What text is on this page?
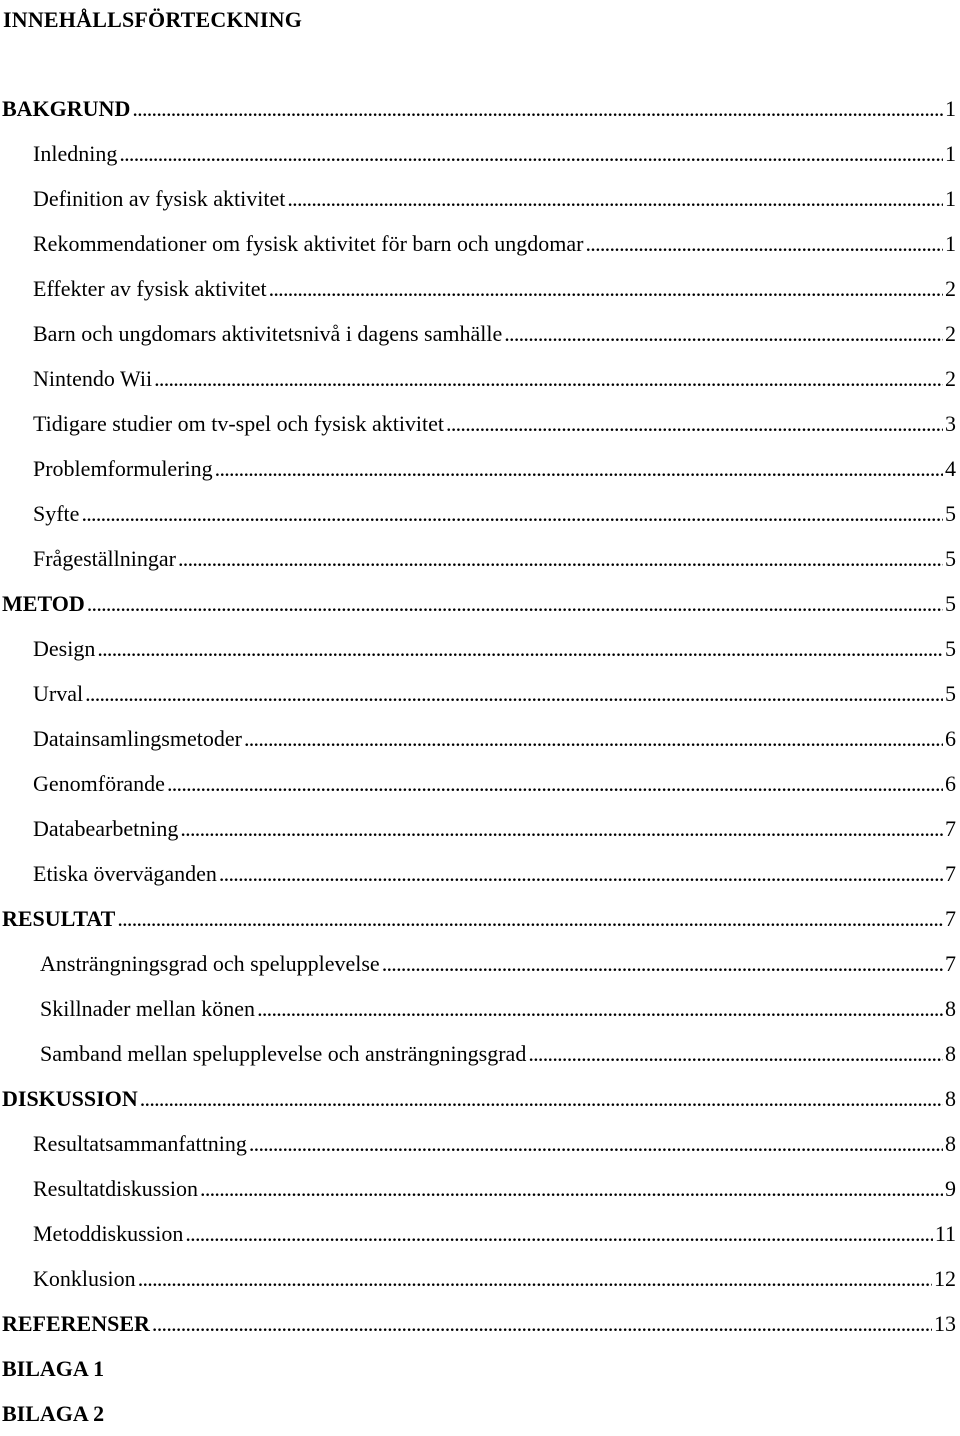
INNEHÅLLSFÖRTECKNING
BAKGRUND . . .	1
Inledning . . .	1
Definition av fysisk aktivitet . . .	1
Rekommendationer om fysisk aktivitet för barn och ungdomar . . .	1
Effekter av fysisk aktivitet . . .	2
Barn och ungdomars aktivitetsnivå i dagens samhälle . . .	2
Nintendo Wii . . .	2
Tidigare studier om tv-spel och fysisk aktivitet . . .	3
Problemformulering . . .	4
Syfte . . .	5
Frågeställningar . . .	5
METOD . . .	5
Design . . .	5
Urval . . .	5
Datainsamlingsmetoder . . .	6
Genomförande . . .	6
Databearbetning . . .	7
Etiska överväganden . . .	7
RESULTAT . . .	7
Ansträngningsgrad och spelupplevelse . . .	7
Skillnader mellan könen . . .	8
Samband mellan spelupplevelse och ansträngningsgrad . . .	8
DISKUSSION . . .	8
Resultatsammanfattning . . .	8
Resultatdiskussion . . .	9
Metoddiskussion . . .	11
Konklusion . . .	12
REFERENSER . . .	13
BILAGA 1
BILAGA 2
